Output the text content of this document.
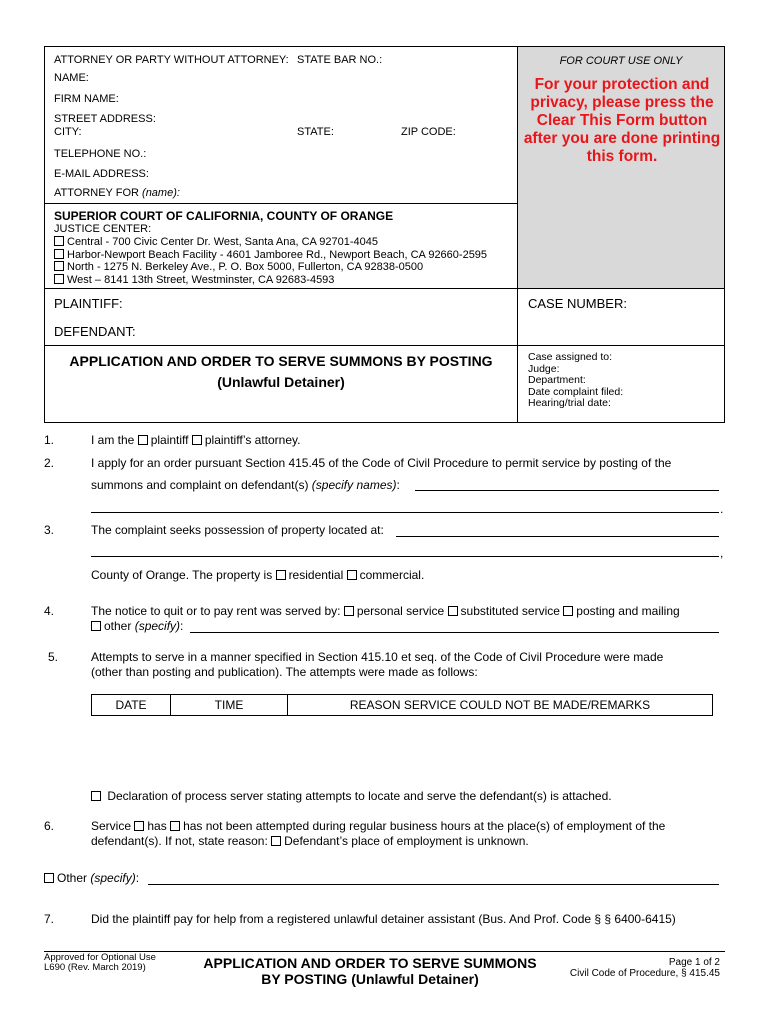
ATTORNEY OR PARTY WITHOUT ATTORNEY: STATE BAR NO.:	FOR COURT USE ONLY
For your protection and privacy, please press the Clear This Form button after you are done printing this form.
NAME:
FIRM NAME:
STREET ADDRESS:
CITY:	STATE:	ZIP CODE:
TELEPHONE NO.:
E-MAIL ADDRESS:
ATTORNEY FOR (name):
SUPERIOR COURT OF CALIFORNIA, COUNTY OF ORANGE
JUSTICE CENTER:
Central - 700 Civic Center Dr. West, Santa Ana, CA 92701-4045
Harbor-Newport Beach Facility - 4601 Jamboree Rd., Newport Beach, CA 92660-2595
North - 1275 N. Berkeley Ave., P. O. Box 5000, Fullerton, CA 92838-0500
West – 8141 13th Street, Westminster, CA 92683-4593
PLAINTIFF:	CASE NUMBER:
DEFENDANT:
APPLICATION AND ORDER TO SERVE SUMMONS BY POSTING
(Unlawful Detainer)
Case assigned to:
Judge:
Department:
Date complaint filed:
Hearing/trial date:
1.	I am the plaintiff plaintiff’s attorney.
2.	I apply for an order pursuant Section 415.45 of the Code of Civil Procedure to permit service by posting of the
summons and complaint on defendant(s) (specify names):
.
3.	The complaint seeks possession of property located at:
,
County of Orange. The property is residential commercial.
4.	The notice to quit or to pay rent was served by: personal service substituted service posting and mailing
other (specify):
5.	Attempts to serve in a manner specified in Section 415.10 et seq. of the Code of Civil Procedure were made
(other than posting and publication). The attempts were made as follows:
DATE	TIME	REASON SERVICE COULD NOT BE MADE/REMARKS
Declaration of process server stating attempts to locate and serve the defendant(s) is attached.
6.	Service has has not been attempted during regular business hours at the place(s) of employment of the
defendant(s). If not, state reason: Defendant’s place of employment is unknown.
Other (specify):
7.	Did the plaintiff pay for help from a registered unlawful detainer assistant (Bus. And Prof. Code § § 6400-6415)
Approved for Optional Use
L690 (Rev. March 2019)	APPLICATION AND ORDER TO SERVE SUMMONS
BY POSTING (Unlawful Detainer)
Page 1 of 2
Civil Code of Procedure, § 415.45
